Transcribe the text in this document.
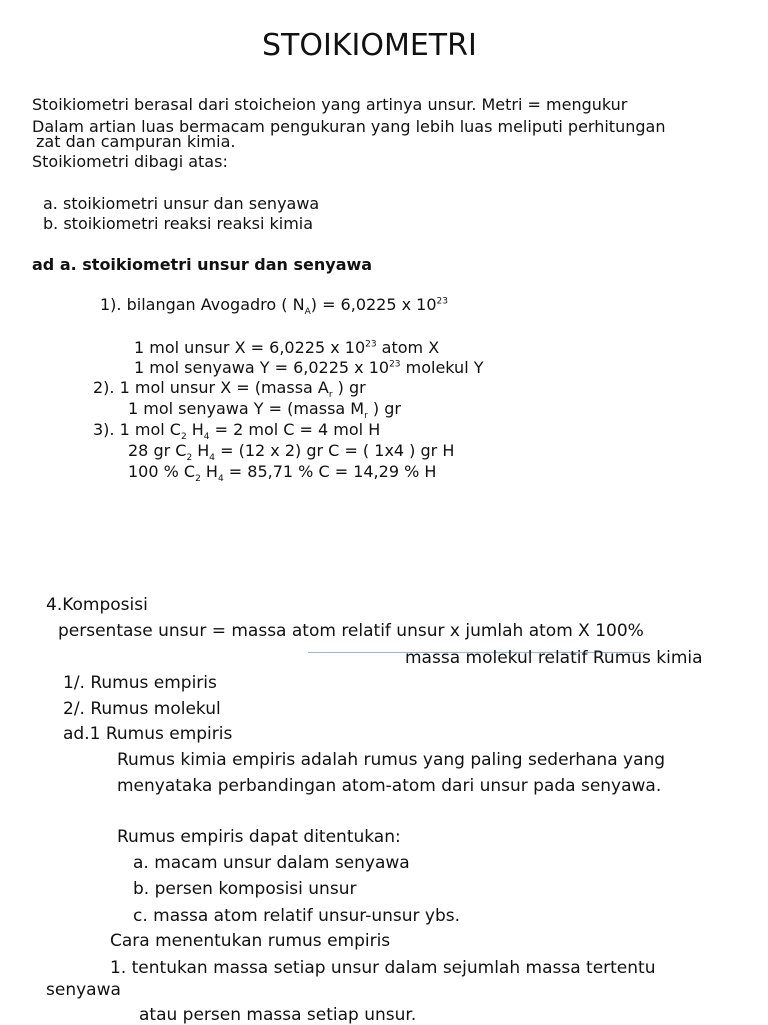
STOIKIOMETRI
Stoikiometri berasal dari stoicheion yang artinya unsur. Metri = mengukur
Dalam artian luas bermacam pengukuran yang lebih luas meliputi perhitungan
zat dan campuran kimia.
Stoikiometri dibagi atas:
a. stoikiometri unsur dan senyawa
b. stoikiometri reaksi reaksi kimia
ad a. stoikiometri unsur dan senyawa
1). bilangan Avogadro ( $N_A) = 6,0225$ x $10^{23}$
1 mol unsur X = 6,0225 x $10^{23}$ atom X
1 mol senyawa Y = 6,0225 x $10^{23}$ molekul Y
2). 1 mol unsur X = (massa $A_r$ ) gr
1 mol senyawa Y = (massa $M_r$ ) gr
3). 1 mol $C_2$ $H_4 = 2$ mol C = 4 mol H
28 gr $C_2$ $H_4 = (12$ x 2) gr C = ( 1x4 ) gr H
100 % $C_2$ $H_4 = 85,71$ % C = 14,29 % H
4.Komposisi
persentase unsur = massa atom relatif unsur x jumlah atom X 100%
massa molekul relatif Rumus kimia
1/. Rumus empiris
2/. Rumus molekul
ad.1 Rumus empiris
Rumus kimia empiris adalah rumus yang paling sederhana yang
menyataka perbandingan atom-atom dari unsur pada senyawa.
Rumus empiris dapat ditentukan:
a. macam unsur dalam senyawa
b. persen komposisi unsur
c. massa atom relatif unsur-unsur ybs.
Cara menentukan rumus empiris
1. tentukan massa setiap unsur dalam sejumlah massa tertentu
senyawa
atau persen massa setiap unsur.
